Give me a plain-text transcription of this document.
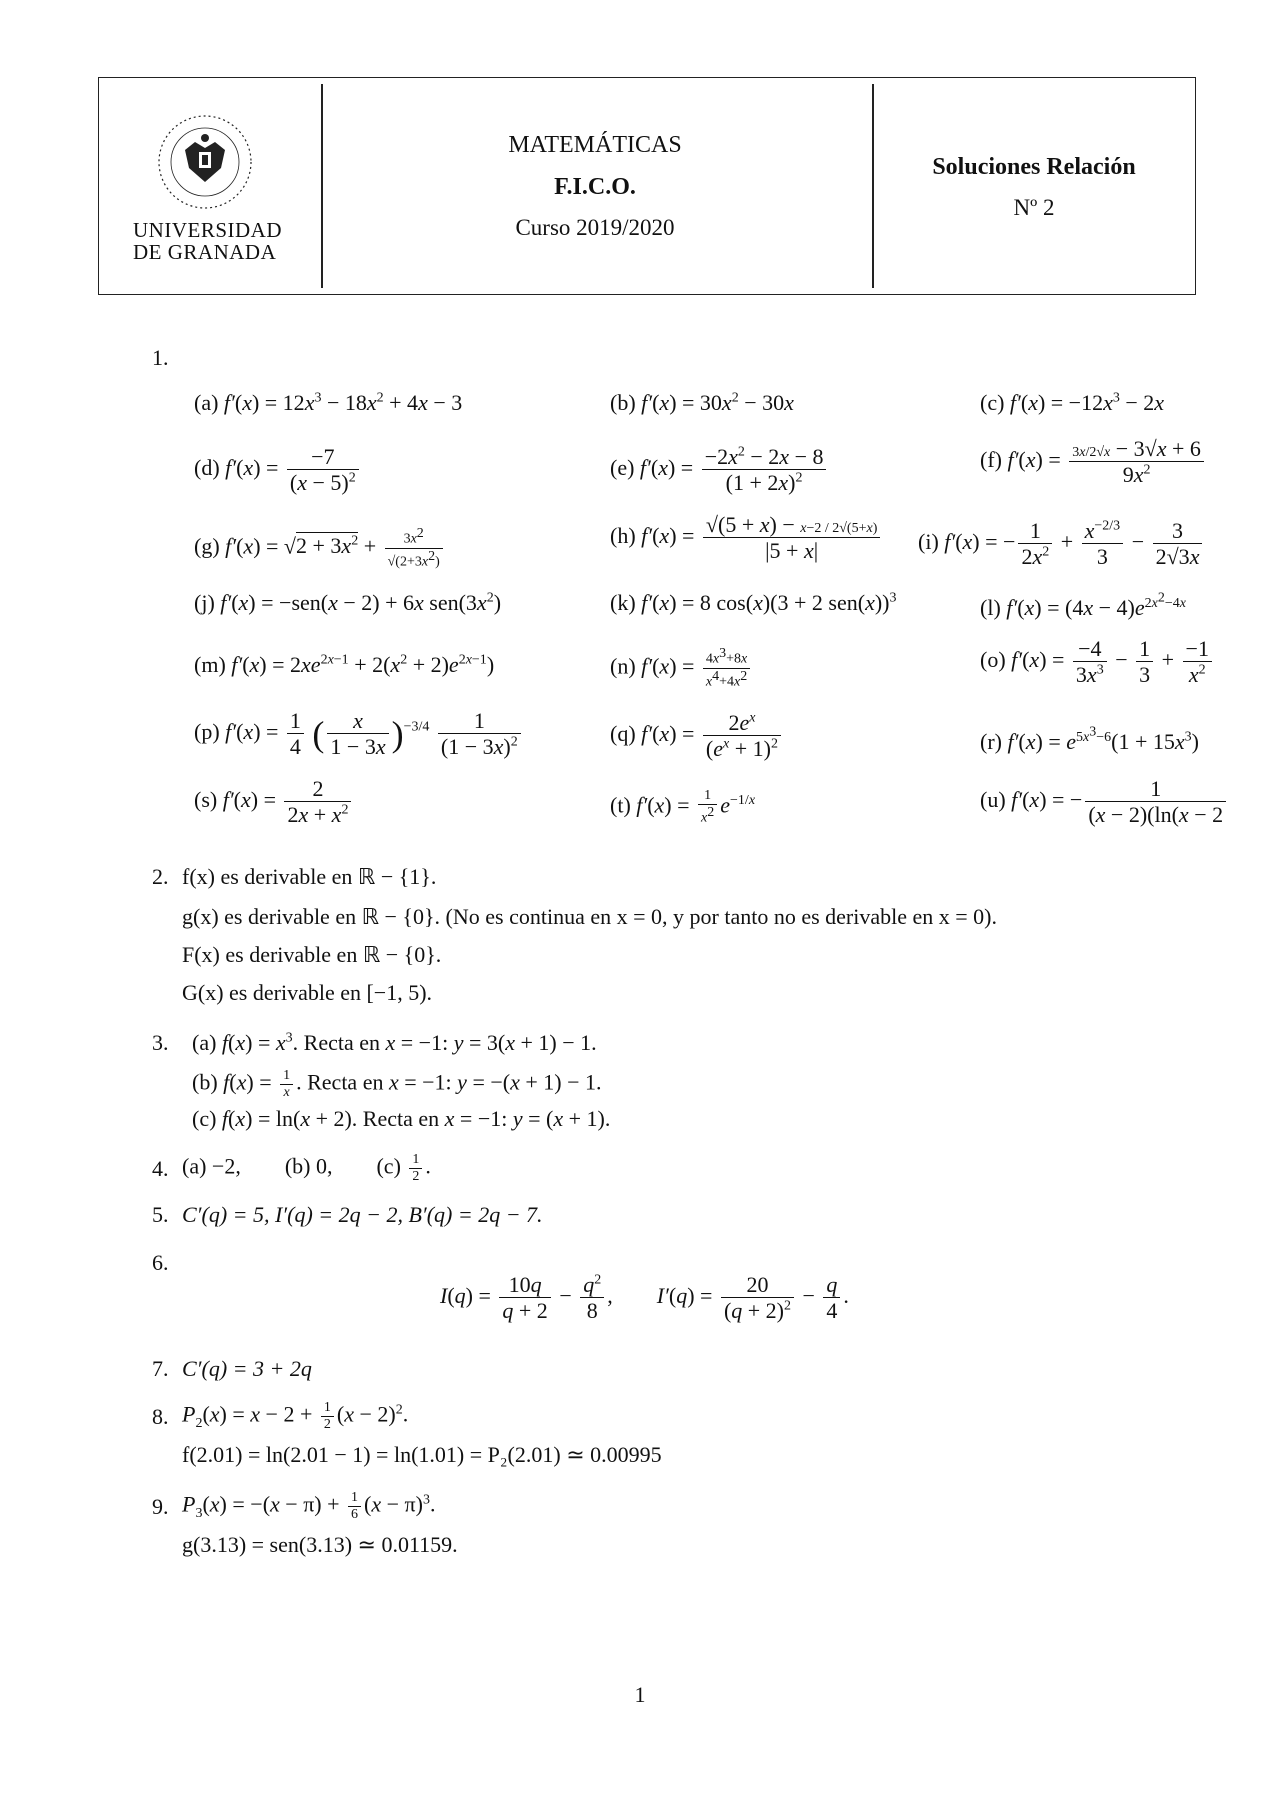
UNIVERSIDAD
DE GRANADA
MATEMÁTICAS
F.I.C.O.
Curso 2019/2020
Soluciones Relación
Nº 2
1.
(a) $f'(x) = 12x^3 - 18x^2 + 4x - 3$	(b) $f'(x) = 30x^2 - 30x$	(c) $f'(x) = -12x^3 - 2x$
(d) $f'(x) = \frac{-7}{(x - 5)^2}$	(e) $f'(x) = \frac{-2x^2 - 2x - 8}{(1 + 2x)^2}$	(f) $f'(x) = \frac{3x/2√x - 3√x + 6}{9x^2}$
(g) $f'(x) = √2 + 3x^2 + \frac{3x^2}{√(2+3x^2)}$	(h) $f'(x) = \frac{√(5 + x) - x-2 / 2√(5+x)}{|5 + x|} (i) f'(x)$ = − $\frac{1}{2x^2} + \frac{x^{-2/3}}{3} - \frac{3}{2√3x}$
(j) f′(x) = −sen(x − 2) + 6x $sen(3x^2)$	(k) f′(x) = 8 cos(x)(3 + 2 sen(x))$^3$	(l) $f'(x) = (4x - 4)e^{2x^2-4x}$
(m) $f'(x) = 2xe^{2x-1} + 2(x^2 + 2)e^{2x-1}$)	(n) $f'(x) = \frac{4x^3+8x}{x^4+4x^2}$	(o) $f'(x) = \frac{-4}{3x^3} - \frac{1}{3} + \frac{-1}{x^2}$
(p) $f'(x) = \frac{1}{4}$ ( $\frac{x}{1 - 3x} )^{-3/4} \frac{1}{(1 - 3x)^2}$	(q) $f'(x) = \frac{2e^x}{(e^x + 1)^2}$	(r) $f'(x) = e^{5x^3-6}(1 + 15x^3)$
(s) $f'(x) = \frac{2}{2x + x^2}$	(t) $f'(x) = \frac{1}{x^2} e^{-1/x}$	(u) f′(x) = − $\frac{1}{(x - 2)(\ln(x - 2}$
2. f(x) es derivable en ℝ − {1}.
g(x) es derivable en ℝ − {0}. (No es continua en x = 0, y por tanto no es derivable en x = 0).
F(x) es derivable en ℝ − {0}.
G(x) es derivable en [−1, 5).
3. (a) $f(x) = x^3$. Recta en x = −1: y = 3(x + 1) − 1.
(b) $f(x) = \frac{1}{x}$ . Recta en x = −1: y = −(x + 1) − 1.
(c) f(x) = ln(x + 2). Recta en x = −1: y = (x + 1).
4. (a) −2,        (b) 0,        $(c) \frac{1}{2}$ .
5. C′(q) = 5, I′(q) = 2q − 2, B′(q) = 2q − 7.
6.
$I(q) = \frac{10q}{q + 2} - \frac{q^2}{8}$ ,        $I'(q) = \frac{20}{(q + 2)^2} - \frac{q}{4}$ .
7. C′(q) = 3 + 2q
8. $P_2(x) = x - 2 + \frac{1}{2} (x - 2)^2$.
f(2.01) = ln(2.01 − 1) = ln(1.01) = P₂(2.01) ≃ 0.00995
9. $P_3(x) = -(x - \pi) + \frac{1}{6} (x - \pi)^3$.
g(3.13) = sen(3.13) ≃ 0.01159.
1
